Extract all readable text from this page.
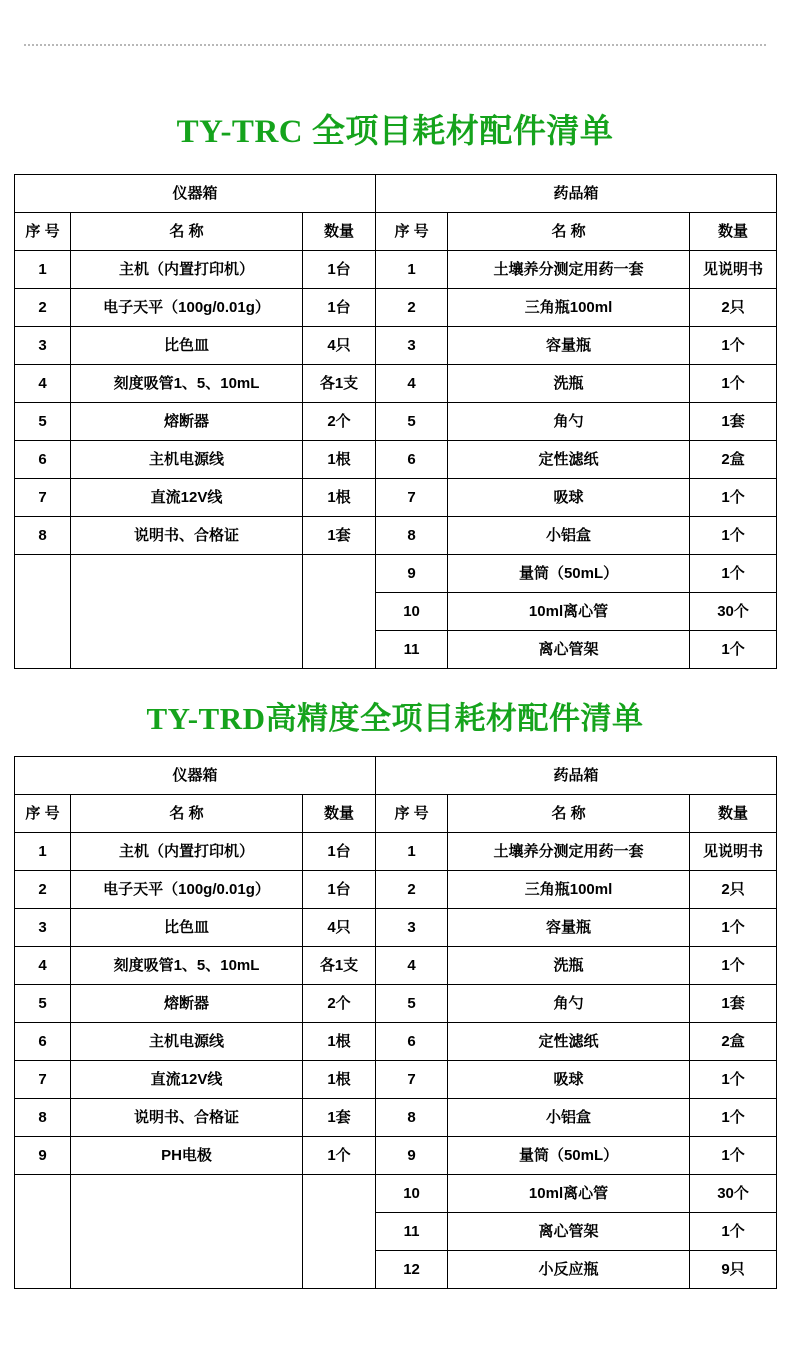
TY-TRC 全项目耗材配件清单
仪器箱			药品箱		
序 号	名 称	数量	序 号	名 称	数量
1	主机（内置打印机）	1台	1	土壤养分测定用药一套	见说明书
2	电子天平（100g/0.01g）	1台	2	三角瓶100ml	2只
3	比色皿	4只	3	容量瓶	1个
4	刻度吸管1、5、10mL	各1支	4	洗瓶	1个
5	熔断器	2个	5	角勺	1套
6	主机电源线	1根	6	定性滤纸	2盒
7	直流12V线	1根	7	吸球	1个
8	说明书、合格证	1套	8	小铝盒	1个
			9	量筒（50mL）	1个
			10	10ml离心管	30个
			11	离心管架	1个
TY-TRD高精度全项目耗材配件清单
仪器箱			药品箱		
序 号	名 称	数量	序 号	名 称	数量
1	主机（内置打印机）	1台	1	土壤养分测定用药一套	见说明书
2	电子天平（100g/0.01g）	1台	2	三角瓶100ml	2只
3	比色皿	4只	3	容量瓶	1个
4	刻度吸管1、5、10mL	各1支	4	洗瓶	1个
5	熔断器	2个	5	角勺	1套
6	主机电源线	1根	6	定性滤纸	2盒
7	直流12V线	1根	7	吸球	1个
8	说明书、合格证	1套	8	小铝盒	1个
9	PH电极	1个	9	量筒（50mL）	1个
			10	10ml离心管	30个
			11	离心管架	1个
			12	小反应瓶	9只
